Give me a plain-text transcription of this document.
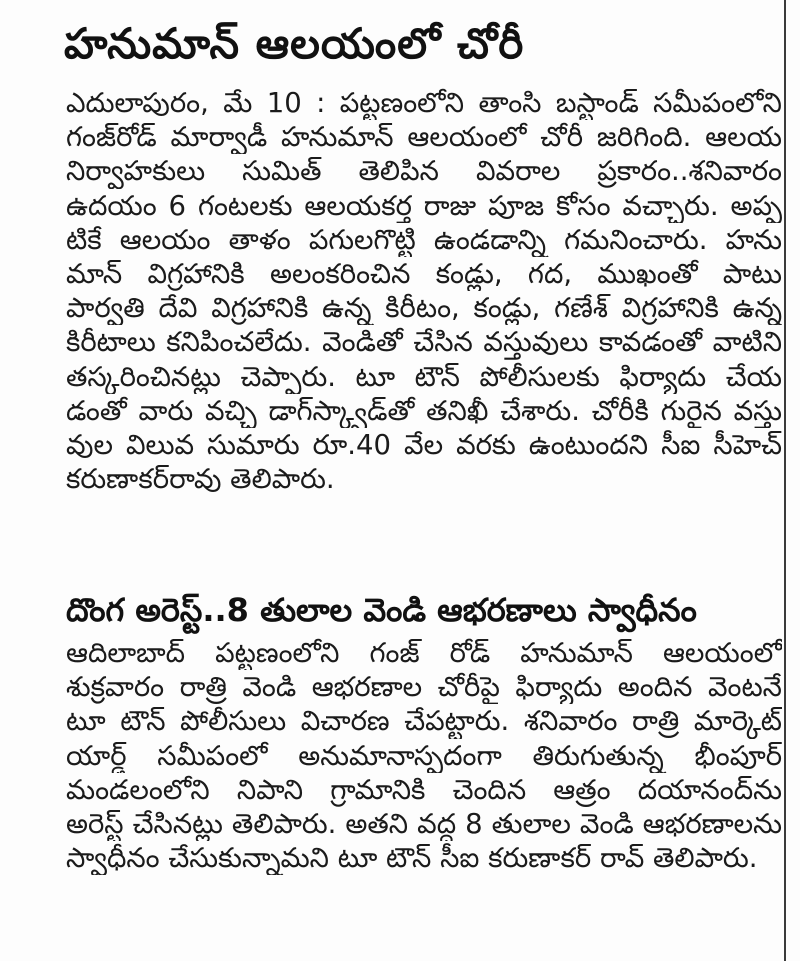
హనుమాన్ ఆలయంలో చోరీ
ఎదులాపురం, మే 10 : పట్టణంలోని తాంసి బస్టాండ్ సమీపంలోని
గంజ్‌రోడ్ మార్వాడీ హనుమాన్ ఆలయంలో చోరీ జరిగింది. ఆలయ
నిర్వాహకులు సుమిత్ తెలిపిన వివరాల ప్రకారం..శనివారం
ఉదయం 6 గంటలకు ఆలయకర్త రాజు పూజ కోసం వచ్చారు. అప్ప
టికే ఆలయం తాళం పగులగొట్టి ఉండడాన్ని గమనించారు. హను
మాన్ విగ్రహానికి అలంకరించిన కండ్లు, గద, ముఖంతో పాటు
పార్వతి దేవి విగ్రహానికి ఉన్న కిరీటం, కండ్లు, గణేశ్ విగ్రహానికి ఉన్న
కిరీటాలు కనిపించలేదు. వెండితో చేసిన వస్తువులు కావడంతో వాటిని
తస్కరించినట్లు చెప్పారు. టూ టౌన్ పోలీసులకు ఫిర్యాదు చేయ
డంతో వారు వచ్చి డాగ్‌స్క్వాడ్‌తో తనిఖీ చేశారు. చోరీకి గురైన వస్తు
వుల విలువ సుమారు రూ.40 వేల వరకు ఉంటుందని సీఐ సీహెచ్
కరుణాకర్‌రావు తెలిపారు.
దొంగ అరెస్ట్..8 తులాల వెండి ఆభరణాలు స్వాధీనం
ఆదిలాబాద్ పట్టణంలోని గంజ్ రోడ్ హనుమాన్ ఆలయంలో
శుక్రవారం రాత్రి వెండి ఆభరణాల చోరీపై ఫిర్యాదు అందిన వెంటనే
టూ టౌన్ పోలీసులు విచారణ చేపట్టారు. శనివారం రాత్రి మార్కెట్
యార్డ్ సమీపంలో అనుమానాస్పదంగా తిరుగుతున్న భీంపూర్
మండలంలోని నిపాని గ్రామానికి చెందిన ఆత్రం దయానంద్‌ను
అరెస్ట్ చేసినట్లు తెలిపారు. అతని వద్ద 8 తులాల వెండి ఆభరణాలను
స్వాధీనం చేసుకున్నామని టూ టౌన్ సీఐ కరుణాకర్ రావ్ తెలిపారు.
